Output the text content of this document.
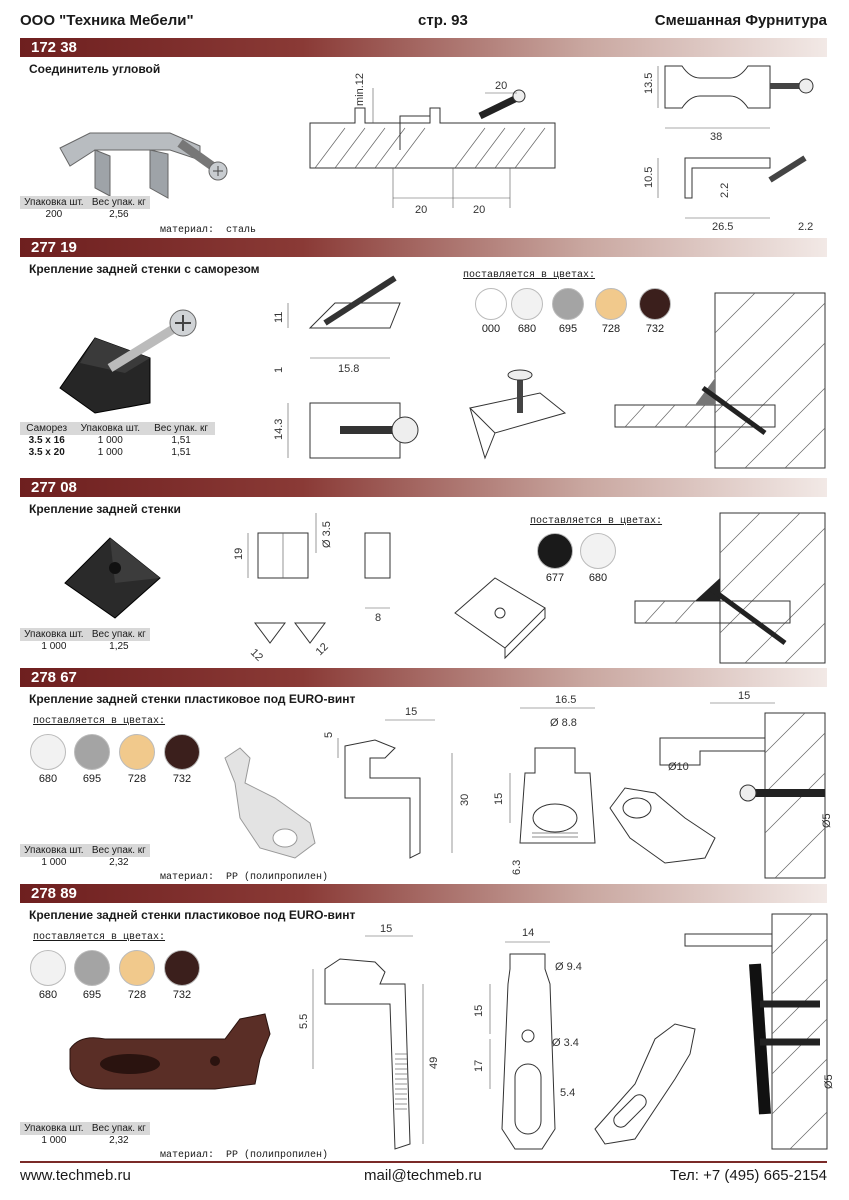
ООО "Техника Мебели"	стр. 93	Смешанная Фурнитура
172 38
Соединитель угловой
Упаковка шт.	Вес упак. кг
200	2,56
материал: сталь
min.12	20
20	20
13.5
38
10.5
2.2
26.5	2.2
277 19
Крепление задней стенки с саморезом
Саморез	Упаковка шт.	Вес упак. кг
3.5 x 16	1 000	1,51
3.5 x 20	1 000	1,51
11
1	15.8
14.3
поставляется в цветах:
000	680	695	728	732
277 08
Крепление задней стенки
Упаковка шт.	Вес упак. кг
1 000	1,25
19
Ø 3.5
8
12	12
поставляется в цветах:
677	680
278 67
Крепление задней стенки пластиковое под EURO-винт
поставляется в цветах:
680	695	728	732
Упаковка шт.	Вес упак. кг
1 000	2,32
материал: PP (полипропилен)
15
5
30
16.5
Ø 8.8
15
6.3
15
Ø10
Ø5
278 89
Крепление задней стенки пластиковое под EURO-винт
поставляется в цветах:
680	695	728	732
Упаковка шт.	Вес упак. кг
1 000	2,32
материал: PP (полипропилен)
15
5.5
49
14
Ø 9.4
15
Ø 3.4
17
5.4
Ø5
www.techmeb.ru	mail@techmeb.ru	Тел: +7 (495) 665-2154
